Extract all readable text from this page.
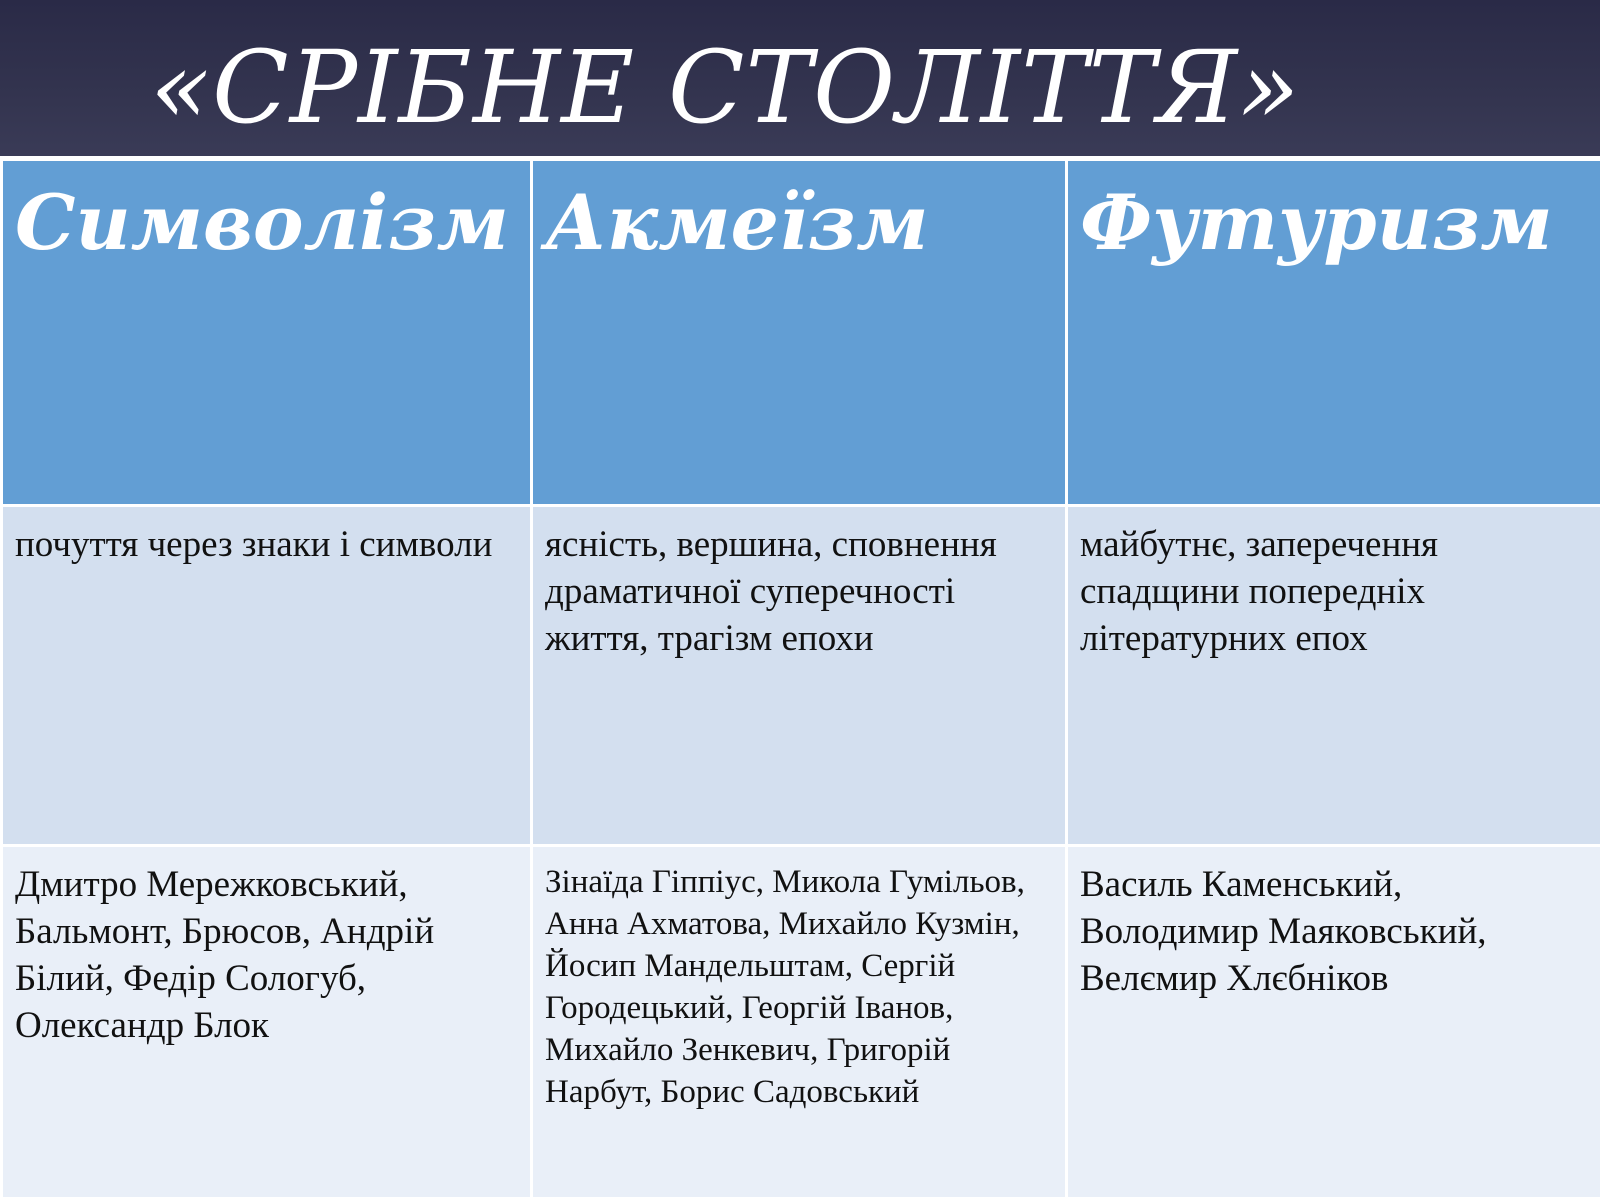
«СРІБНЕ СТОЛІТТЯ»
Символізм	Акмеїзм	Футуризм
почуття через знаки і символи	ясність, вершина, сповнення драматичної суперечності життя, трагізм епохи	майбутнє, заперечення спадщини попередніх літературних епох
Дмитро Мережковський, Бальмонт, Брюсов, Андрій Білий, Федір Сологуб, Олександр Блок	Зінаїда Гіппіус, Микола Гумільов, Анна Ахматова, Михайло Кузмін, Йосип Мандельштам, Сергій Городецький, Георгій Іванов, Михайло Зенкевич, Григорій Нарбут, Борис Садовський	Василь Каменський, Володимир Маяковський, Велємир Хлєбніков
